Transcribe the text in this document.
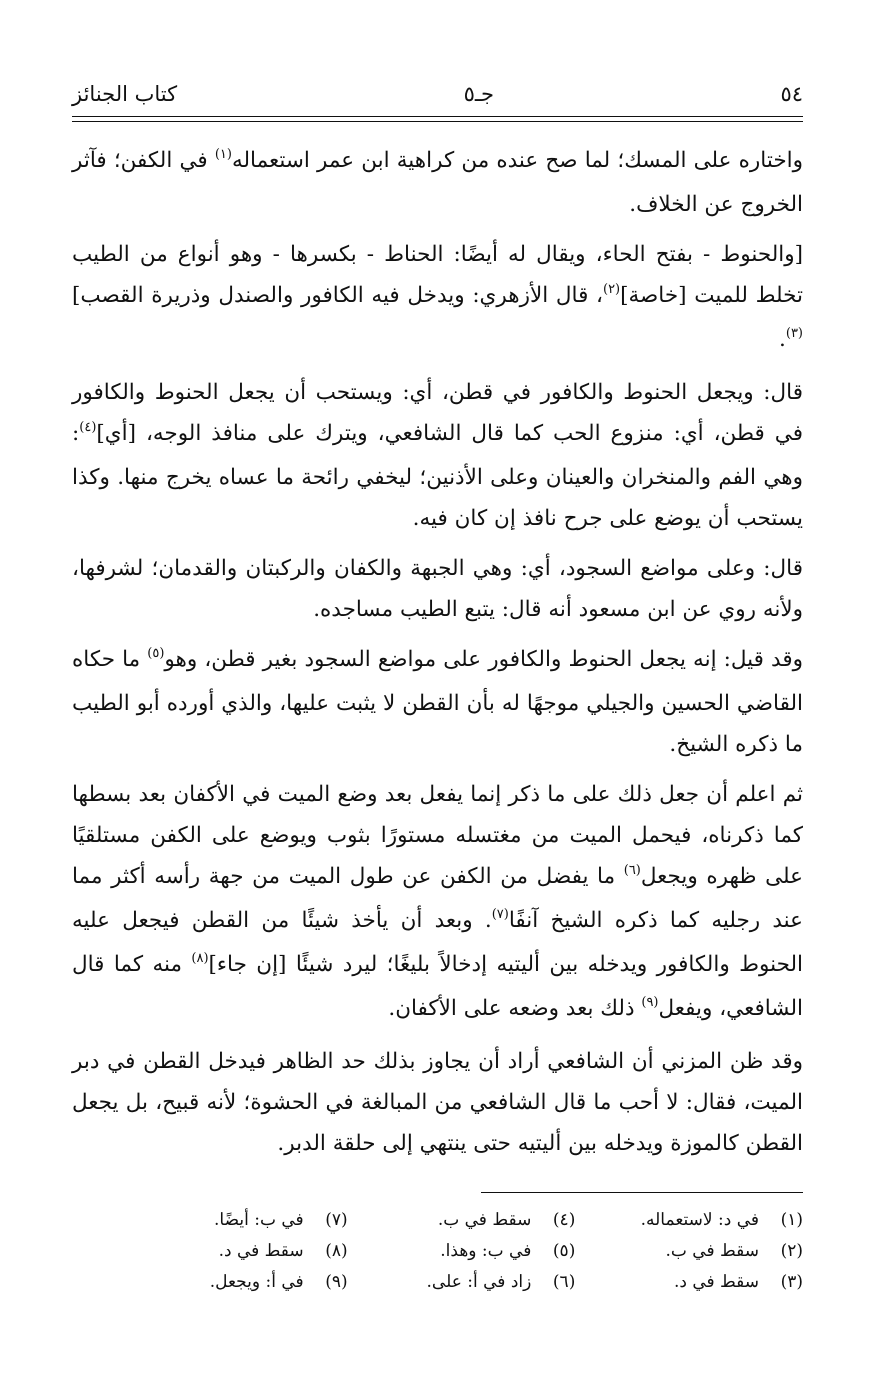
٥٤
جـ٥
كتاب الجنائز

واختاره على المسك؛ لما صح عنده من كراهية ابن عمر استعماله$^{(١)}$ في الكفن؛ فآثر الخروج عن الخلاف.

[والحنوط - بفتح الحاء، ويقال له أيضًا: الحناط - بكسرها - وهو أنواع من الطيب تخلط للميت [خاصة]$^{(٢)}$، قال الأزهري: ويدخل فيه الكافور والصندل وذريرة القصب]$^{(٣)}$.

قال: ويجعل الحنوط والكافور في قطن، أي: ويستحب أن يجعل الحنوط والكافور في قطن، أي: منزوع الحب كما قال الشافعي، ويترك على منافذ الوجه، [أي]$^{(٤)}$: وهي الفم والمنخران والعينان وعلى الأذنين؛ ليخفي رائحة ما عساه يخرج منها. وكذا يستحب أن يوضع على جرح نافذ إن كان فيه.

قال: وعلى مواضع السجود، أي: وهي الجبهة والكفان والركبتان والقدمان؛ لشرفها، ولأنه روي عن ابن مسعود أنه قال: يتبع الطيب مساجده.

وقد قيل: إنه يجعل الحنوط والكافور على مواضع السجود بغير قطن، وهو$^{(٥)}$ ما حكاه القاضي الحسين والجيلي موجهًا له بأن القطن لا يثبت عليها، والذي أورده أبو الطيب ما ذكره الشيخ.

ثم اعلم أن جعل ذلك على ما ذكر إنما يفعل بعد وضع الميت في الأكفان بعد بسطها كما ذكرناه، فيحمل الميت من مغتسله مستورًا بثوب ويوضع على الكفن مستلقيًا على ظهره ويجعل$^{(٦)}$ ما يفضل من الكفن عن طول الميت من جهة رأسه أكثر مما عند رجليه كما ذكره الشيخ آنفًا$^{(٧)}$. وبعد أن يأخذ شيئًا من القطن فيجعل عليه الحنوط والكافور ويدخله بين أليتيه إدخالاً بليغًا؛ ليرد شيئًا [إن جاء]$^{(٨)}$ منه كما قال الشافعي، ويفعل$^{(٩)}$ ذلك بعد وضعه على الأكفان.

وقد ظن المزني أن الشافعي أراد أن يجاوز بذلك حد الظاهر فيدخل القطن في دبر الميت، فقال: لا أحب ما قال الشافعي من المبالغة في الحشوة؛ لأنه قبيح، بل يجعل القطن كالموزة ويدخله بين أليتيه حتى ينتهي إلى حلقة الدبر.

(١)
في د: لاستعماله.
(٢)
سقط في ب.
(٣)
سقط في د.
(٤)
سقط في ب.
(٥)
في ب: وهذا.
(٦)
زاد في أ: على.
(٧)
في ب: أيضًا.
(٨)
سقط في د.
(٩)
في أ: ويجعل.
